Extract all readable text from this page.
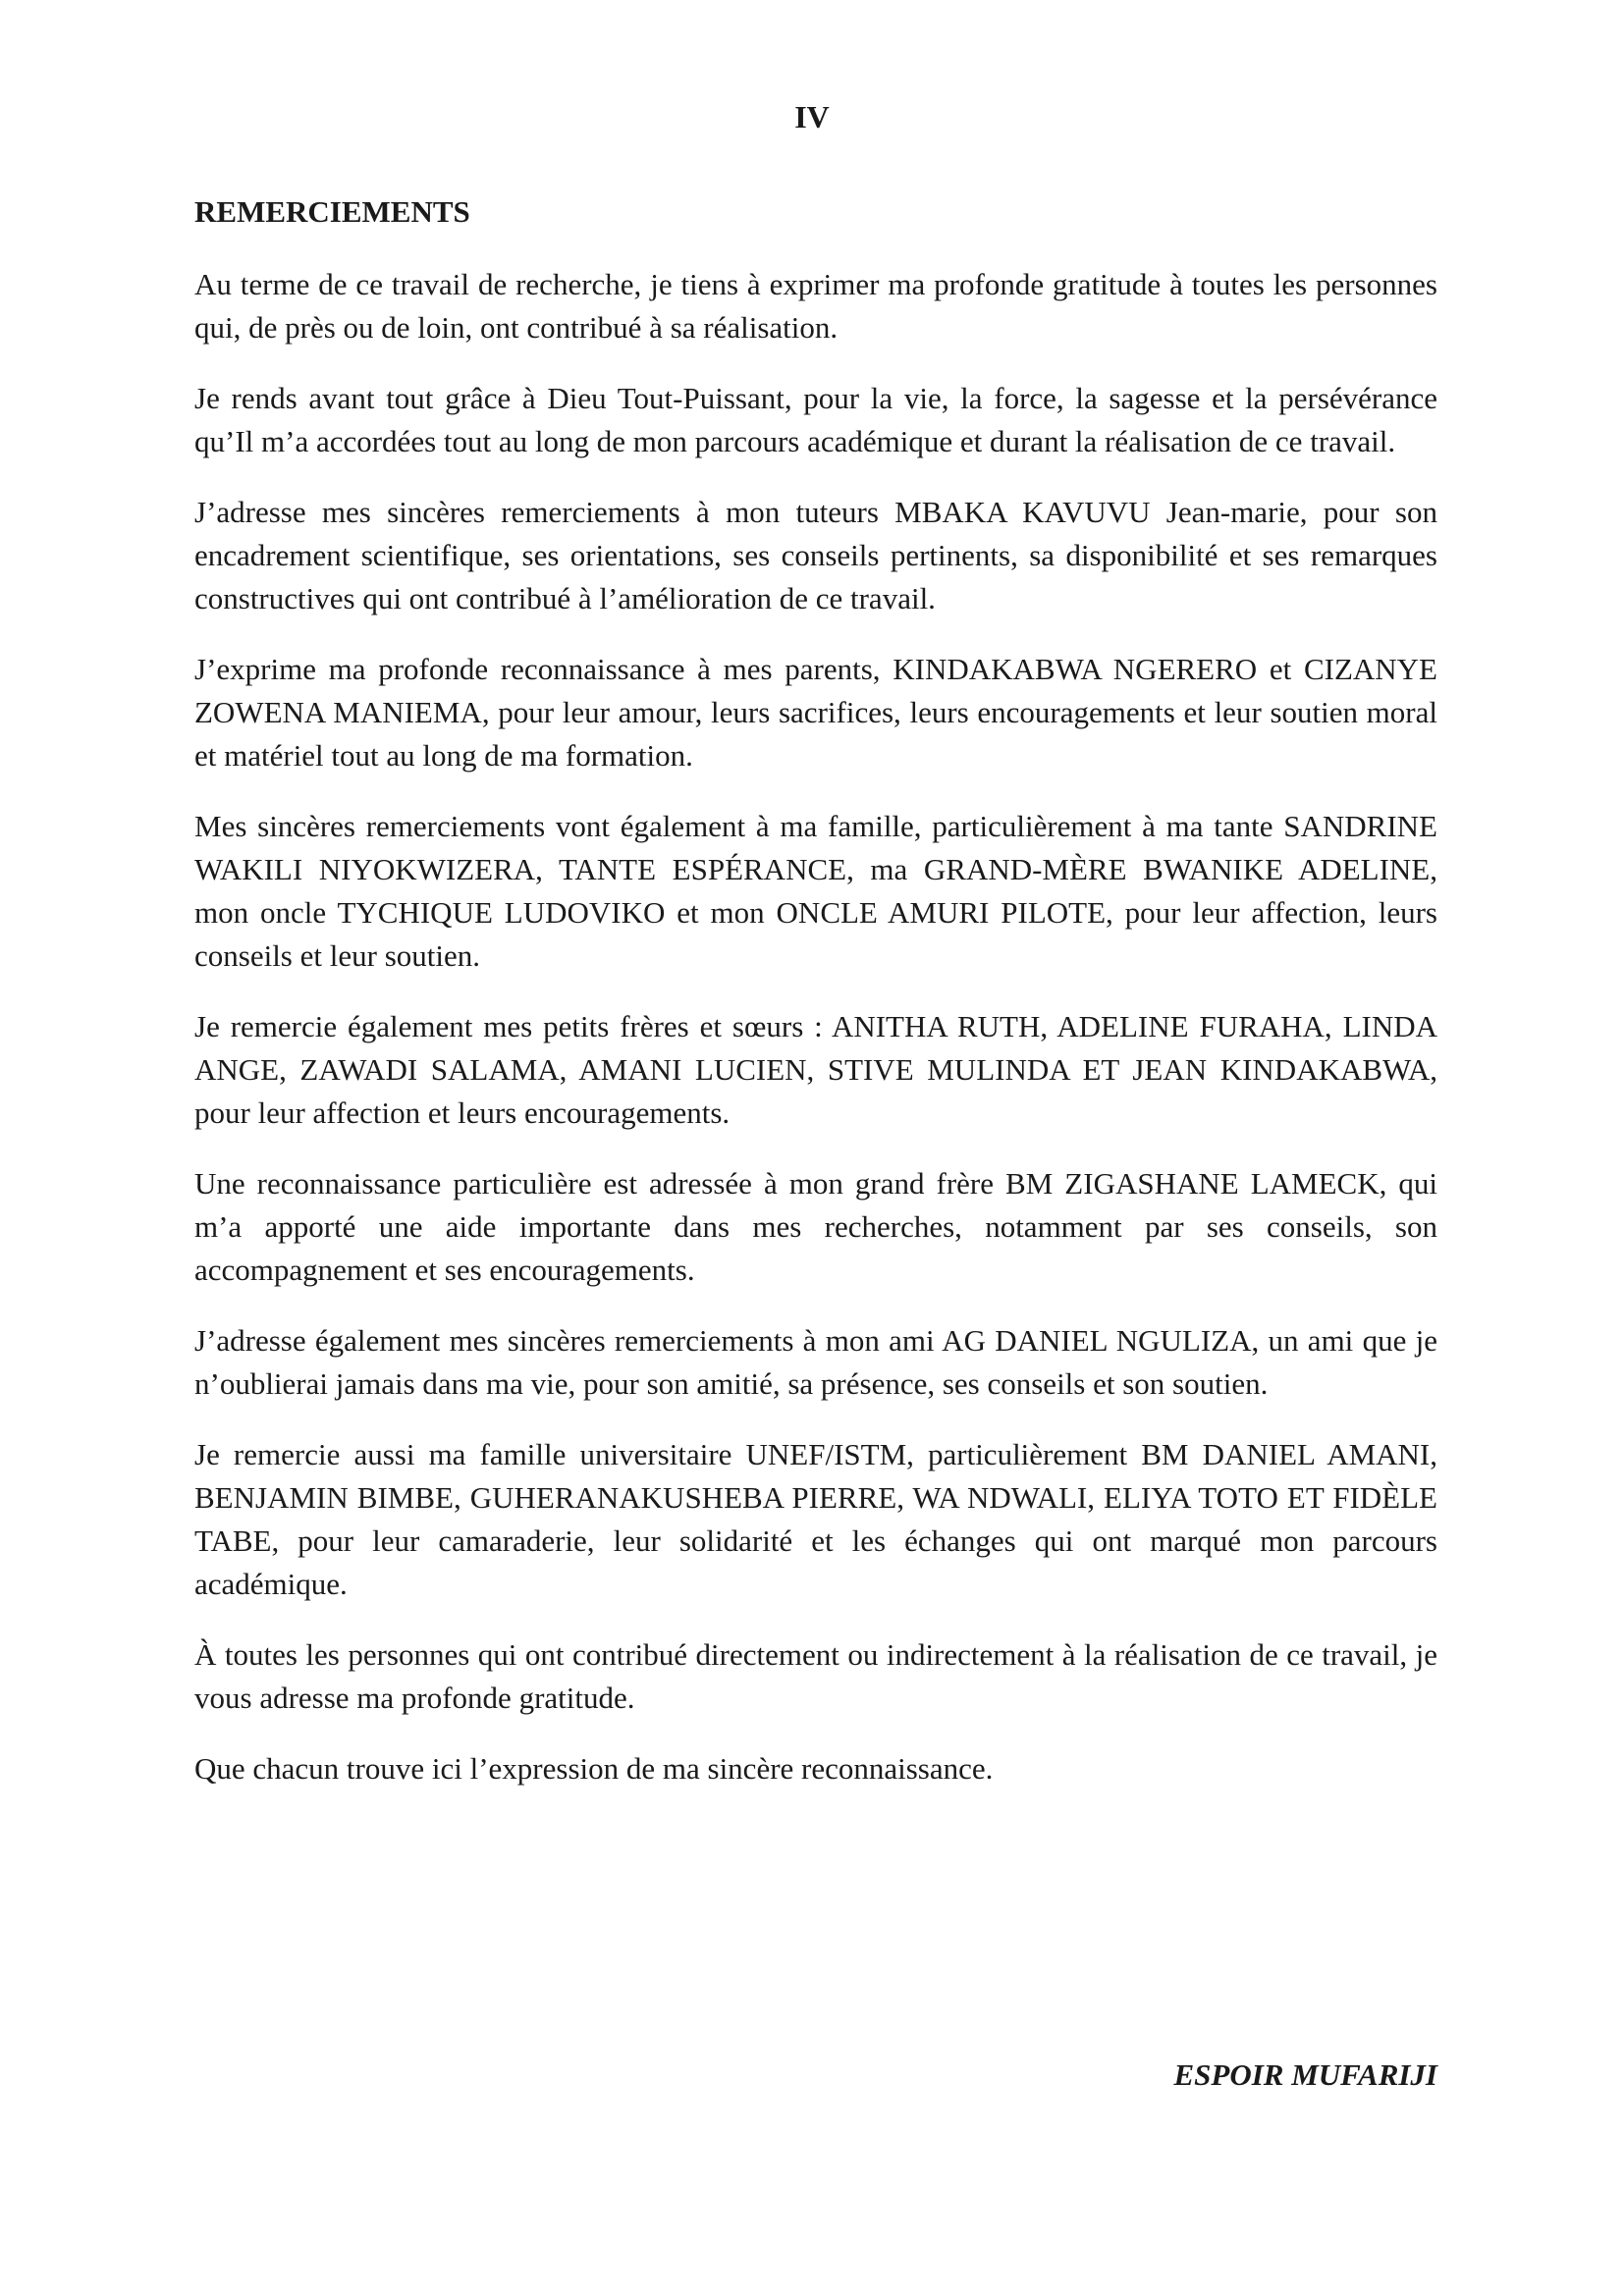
IV
REMERCIEMENTS

Au terme de ce travail de recherche, je tiens à exprimer ma profonde gratitude à toutes les personnes qui, de près ou de loin, ont contribué à sa réalisation.

Je rends avant tout grâce à Dieu Tout-Puissant, pour la vie, la force, la sagesse et la persévérance qu’Il m’a accordées tout au long de mon parcours académique et durant la réalisation de ce travail.

J’adresse mes sincères remerciements à mon tuteurs MBAKA KAVUVU Jean-marie, pour son encadrement scientifique, ses orientations, ses conseils pertinents, sa disponibilité et ses remarques constructives qui ont contribué à l’amélioration de ce travail.

J’exprime ma profonde reconnaissance à mes parents, KINDAKABWA NGERERO et CIZANYE ZOWENA MANIEMA, pour leur amour, leurs sacrifices, leurs encouragements et leur soutien moral et matériel tout au long de ma formation.

Mes sincères remerciements vont également à ma famille, particulièrement à ma tante SANDRINE WAKILI NIYOKWIZERA, TANTE ESPÉRANCE, ma GRAND-MÈRE BWANIKE ADELINE, mon oncle TYCHIQUE LUDOVIKO et mon ONCLE AMURI PILOTE, pour leur affection, leurs conseils et leur soutien.

Je remercie également mes petits frères et sœurs : ANITHA RUTH, ADELINE FURAHA, LINDA ANGE, ZAWADI SALAMA, AMANI LUCIEN, STIVE MULINDA ET JEAN KINDAKABWA, pour leur affection et leurs encouragements.

Une reconnaissance particulière est adressée à mon grand frère BM ZIGASHANE LAMECK, qui m’a apporté une aide importante dans mes recherches, notamment par ses conseils, son accompagnement et ses encouragements.

J’adresse également mes sincères remerciements à mon ami AG DANIEL NGULIZA, un ami que je n’oublierai jamais dans ma vie, pour son amitié, sa présence, ses conseils et son soutien.

Je remercie aussi ma famille universitaire UNEF/ISTM, particulièrement BM DANIEL AMANI, BENJAMIN BIMBE, GUHERANAKUSHEBA PIERRE, WA NDWALI, ELIYA TOTO ET FIDÈLE TABE, pour leur camaraderie, leur solidarité et les échanges qui ont marqué mon parcours académique.

À toutes les personnes qui ont contribué directement ou indirectement à la réalisation de ce travail, je vous adresse ma profonde gratitude.

Que chacun trouve ici l’expression de ma sincère reconnaissance.

ESPOIR MUFARIJI
